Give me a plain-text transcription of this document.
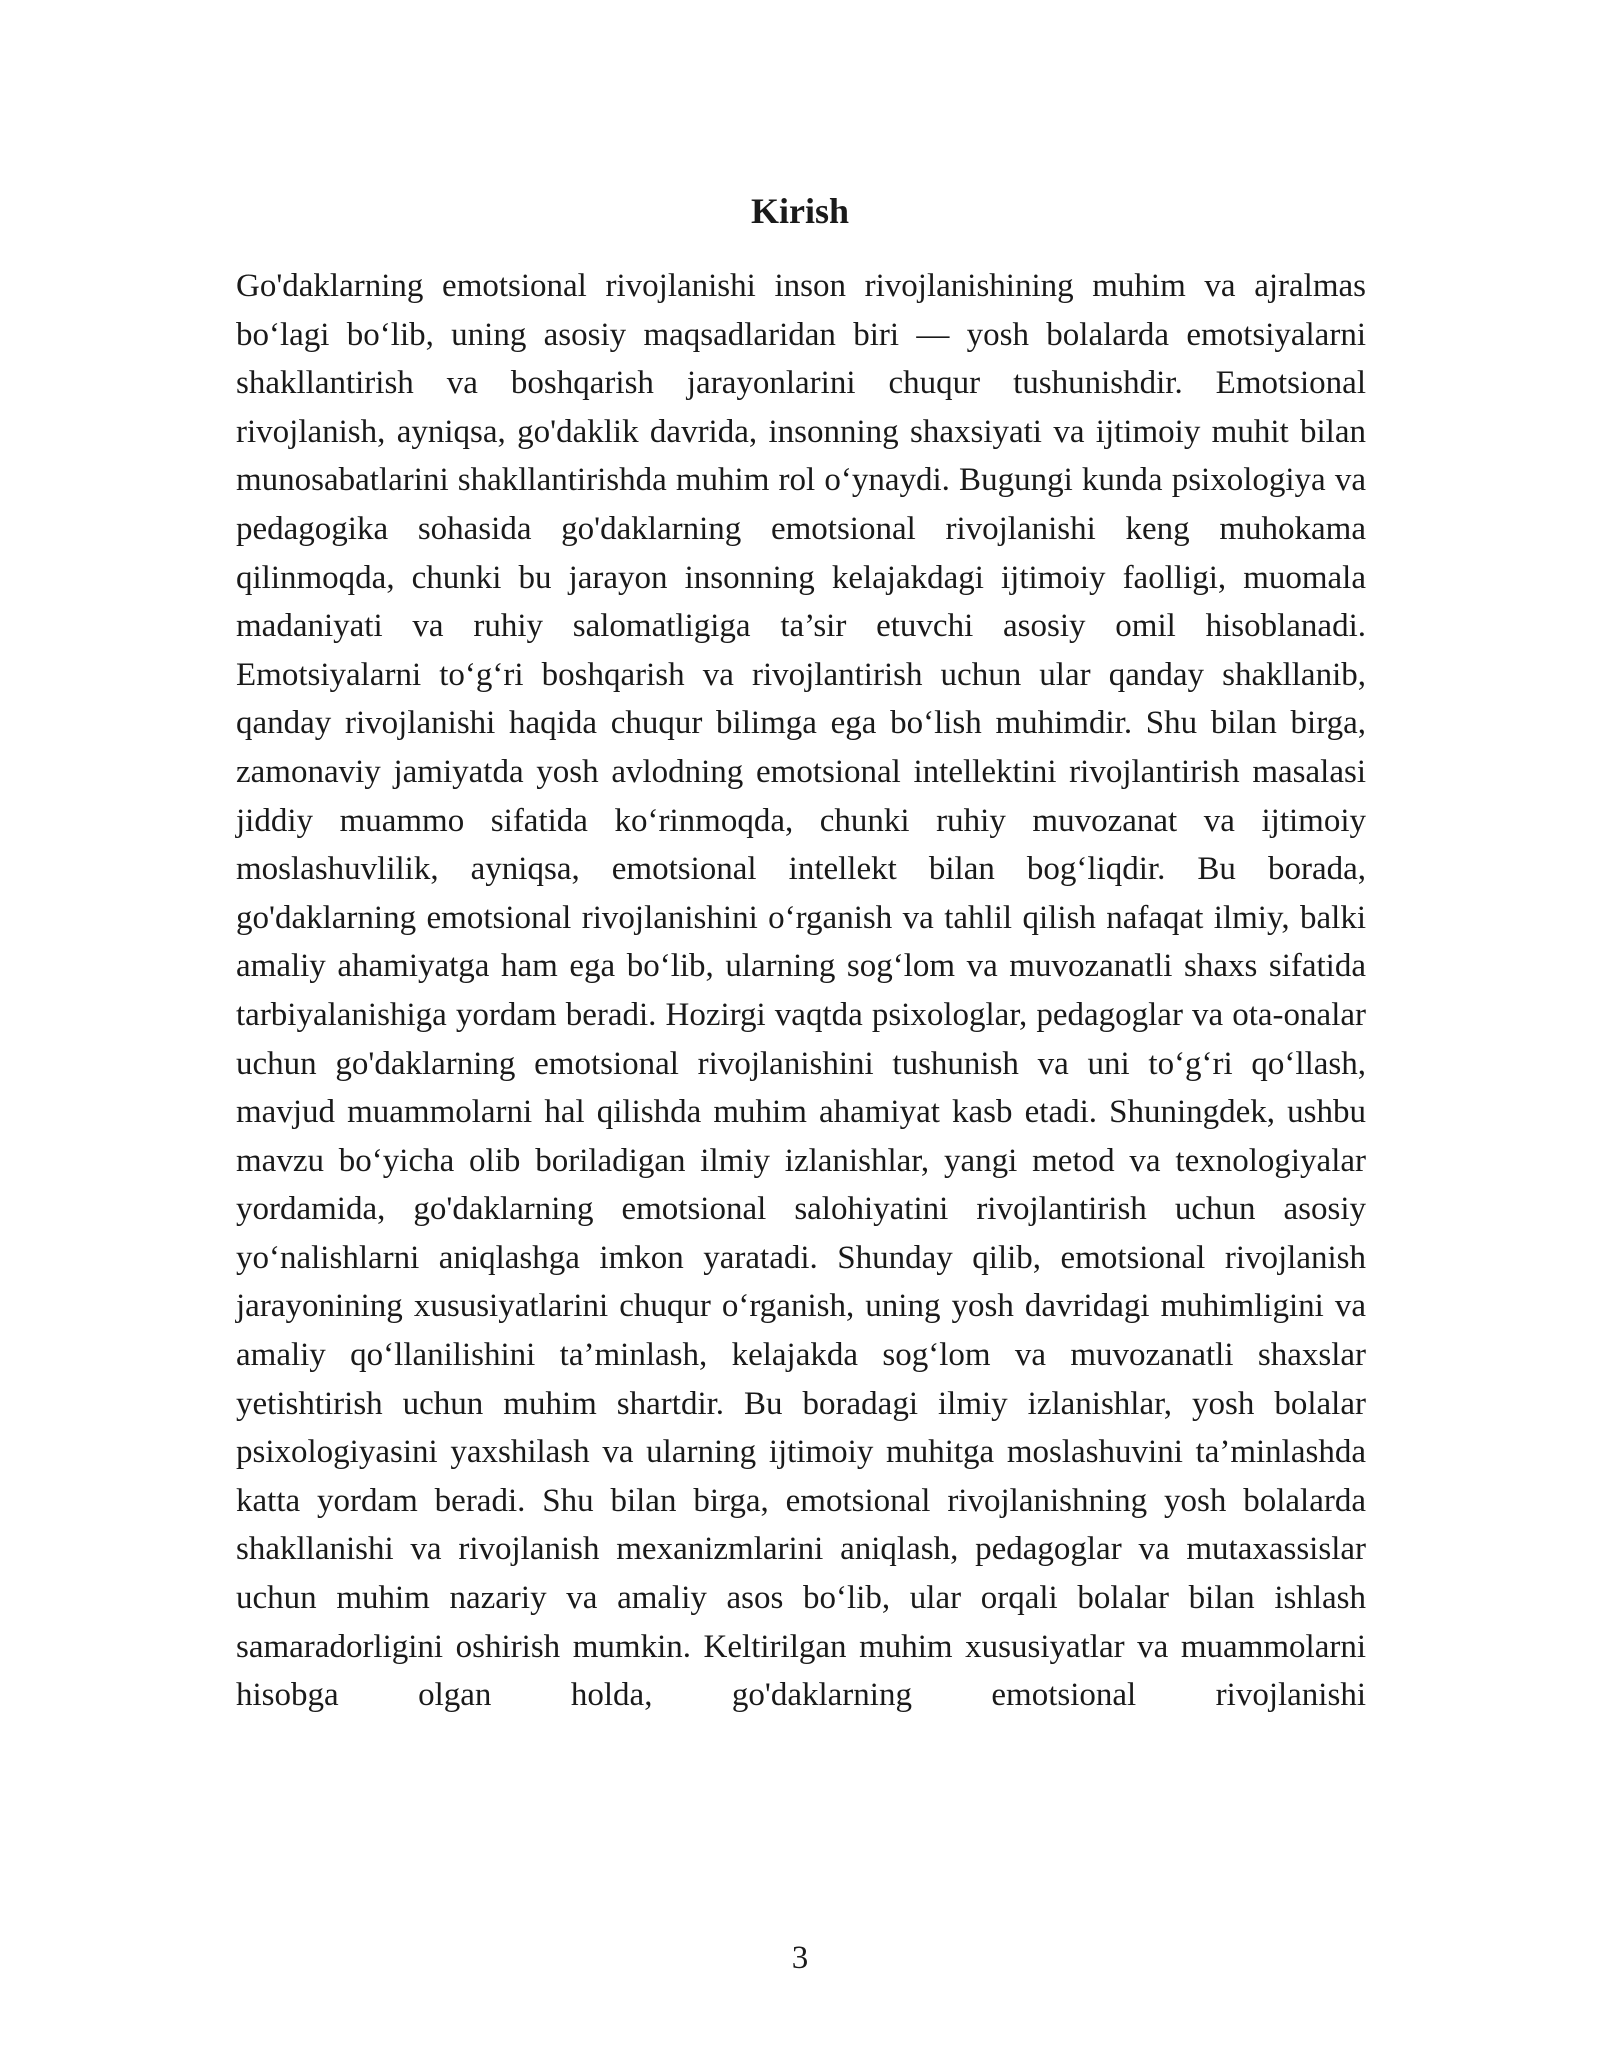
Kirish

Go'daklarning emotsional rivojlanishi inson rivojlanishining muhim va ajralmas bo‘lagi bo‘lib, uning asosiy maqsadlaridan biri — yosh bolalarda emotsiyalarni shakllantirish va boshqarish jarayonlarini chuqur tushunishdir. Emotsional rivojlanish, ayniqsa, go'daklik davrida, insonning shaxsiyati va ijtimoiy muhit bilan munosabatlarini shakllantirishda muhim rol o‘ynaydi. Bugungi kunda psixologiya va pedagogika sohasida go'daklarning emotsional rivojlanishi keng muhokama qilinmoqda, chunki bu jarayon insonning kelajakdagi ijtimoiy faolligi, muomala madaniyati va ruhiy salomatligiga ta’sir etuvchi asosiy omil hisoblanadi. Emotsiyalarni to‘g‘ri boshqarish va rivojlantirish uchun ular qanday shakllanib, qanday rivojlanishi haqida chuqur bilimga ega bo‘lish muhimdir. Shu bilan birga, zamonaviy jamiyatda yosh avlodning emotsional intellektini rivojlantirish masalasi jiddiy muammo sifatida ko‘rinmoqda, chunki ruhiy muvozanat va ijtimoiy moslashuvlilik, ayniqsa, emotsional intellekt bilan bog‘liqdir. Bu borada, go'daklarning emotsional rivojlanishini o‘rganish va tahlil qilish nafaqat ilmiy, balki amaliy ahamiyatga ham ega bo‘lib, ularning sog‘lom va muvozanatli shaxs sifatida tarbiyalanishiga yordam beradi. Hozirgi vaqtda psixologlar, pedagoglar va ota-onalar uchun go'daklarning emotsional rivojlanishini tushunish va uni to‘g‘ri qo‘llash, mavjud muammolarni hal qilishda muhim ahamiyat kasb etadi. Shuningdek, ushbu mavzu bo‘yicha olib boriladigan ilmiy izlanishlar, yangi metod va texnologiyalar yordamida, go'daklarning emotsional salohiyatini rivojlantirish uchun asosiy yo‘nalishlarni aniqlashga imkon yaratadi. Shunday qilib, emotsional rivojlanish jarayonining xususiyatlarini chuqur o‘rganish, uning yosh davridagi muhimligini va amaliy qo‘llanilishini ta’minlash, kelajakda sog‘lom va muvozanatli shaxslar yetishtirish uchun muhim shartdir. Bu boradagi ilmiy izlanishlar, yosh bolalar psixologiyasini yaxshilash va ularning ijtimoiy muhitga moslashuvini ta’minlashda katta yordam beradi. Shu bilan birga, emotsional rivojlanishning yosh bolalarda shakllanishi va rivojlanish mexanizmlarini aniqlash, pedagoglar va mutaxassislar uchun muhim nazariy va amaliy asos bo‘lib, ular orqali bolalar bilan ishlash samaradorligini oshirish mumkin. Keltirilgan muhim xususiyatlar va muammolarni hisobga olgan holda, go'daklarning emotsional rivojlanishi

3
